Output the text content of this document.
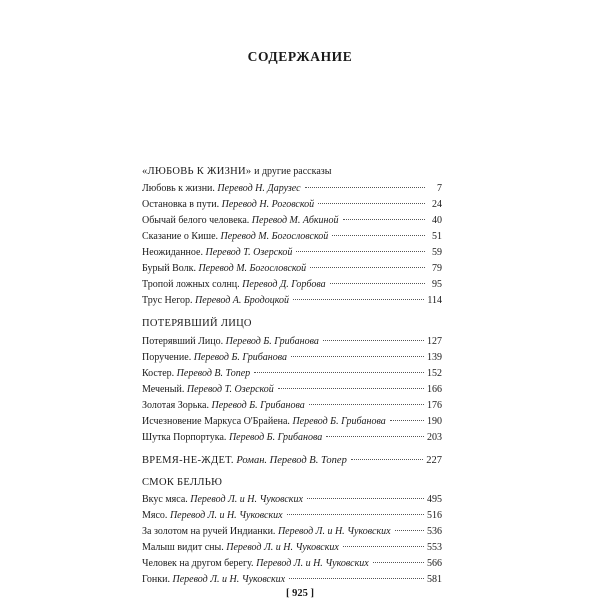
СОДЕРЖАНИЕ
«ЛЮБОВЬ К ЖИЗНИ» и другие рассказы
Любовь к жизни. Перевод Н. Дарузес	7
Остановка в пути. Перевод Н. Роговской	24
Обычай белого человека. Перевод М. Абкиной	40
Сказание о Кише. Перевод М. Богословской	51
Неожиданное. Перевод Т. Озерской	59
Бурый Волк. Перевод М. Богословской	79
Тропой ложных солнц. Перевод Д. Горбова	95
Трус Негор. Перевод А. Бродоцкой	114
ПОТЕРЯВШИЙ ЛИЦО
Потерявший Лицо. Перевод Б. Грибанова	127
Поручение. Перевод Б. Грибанова	139
Костер. Перевод В. Топер	152
Меченый. Перевод Т. Озерской	166
Золотая Зорька. Перевод Б. Грибанова	176
Исчезновение Маркуса О'Брайена. Перевод Б. Грибанова	190
Шутка Порпортука. Перевод Б. Грибанова	203
ВРЕМЯ-НЕ-ЖДЕТ. Роман. Перевод В. Топер	227
СМОК БЕЛЛЬЮ
Вкус мяса. Перевод Л. и Н. Чуковских	495
Мясо. Перевод Л. и Н. Чуковских	516
За золотом на ручей Индианки. Перевод Л. и Н. Чуковских	536
Малыш видит сны. Перевод Л. и Н. Чуковских	553
Человек на другом берегу. Перевод Л. и Н. Чуковских	566
Гонки. Перевод Л. и Н. Чуковских	581
[ 925 ]
